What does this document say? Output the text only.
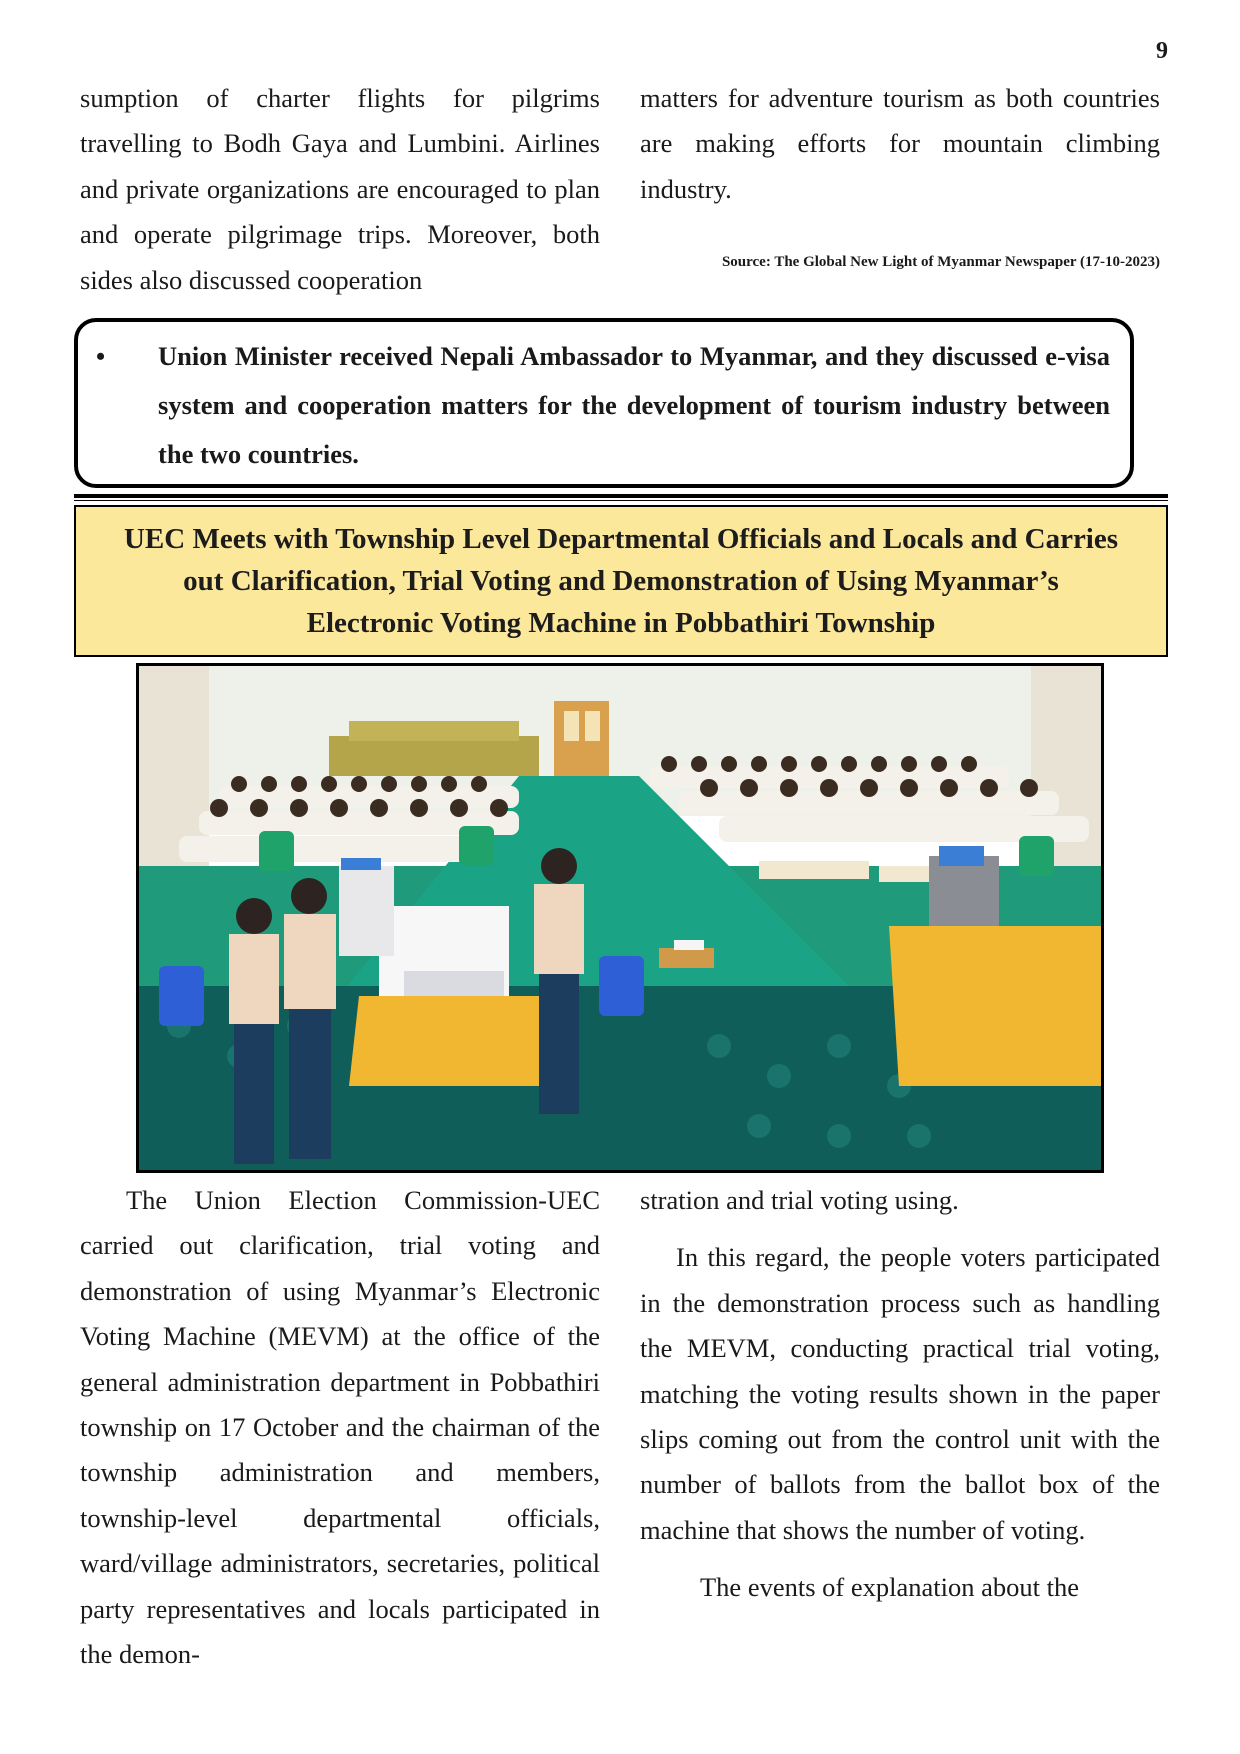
9

sumption of charter flights for pilgrims travelling to Bodh Gaya and Lumbini. Airlines and private organizations are encouraged to plan and operate pilgrimage trips. Moreover, both sides also discussed cooperation

matters for adventure tourism as both countries are making efforts for mountain climbing industry.

Source: The Global New Light of Myanmar Newspaper (17-10-2023)
•	Union Minister received Nepali Ambassador to Myanmar, and they discussed e-visa system and cooperation matters for the development of tourism industry between the two countries.
UEC Meets with Township Level Departmental Officials and Locals and Carries
out Clarification, Trial Voting and Demonstration of Using Myanmar’s
Electronic Voting Machine in Pobbathiri Township

The Union Election Commission-UEC carried out clarification, trial voting and demonstration of using Myanmar’s Electronic Voting Machine (MEVM) at the office of the general administration department in Pobbathiri township on 17 October and the chairman of the township administration and members, township-level departmental officials, ward/village administrators, secretaries, political party representatives and locals participated in the demon-

stration and trial voting using.

In this regard, the people voters participated in the demonstration process such as handling the MEVM, conducting practical trial voting, matching the voting results shown in the paper slips coming out from the control unit with the number of ballots from the ballot box of the machine that shows the number of voting.

The events of explanation about the
